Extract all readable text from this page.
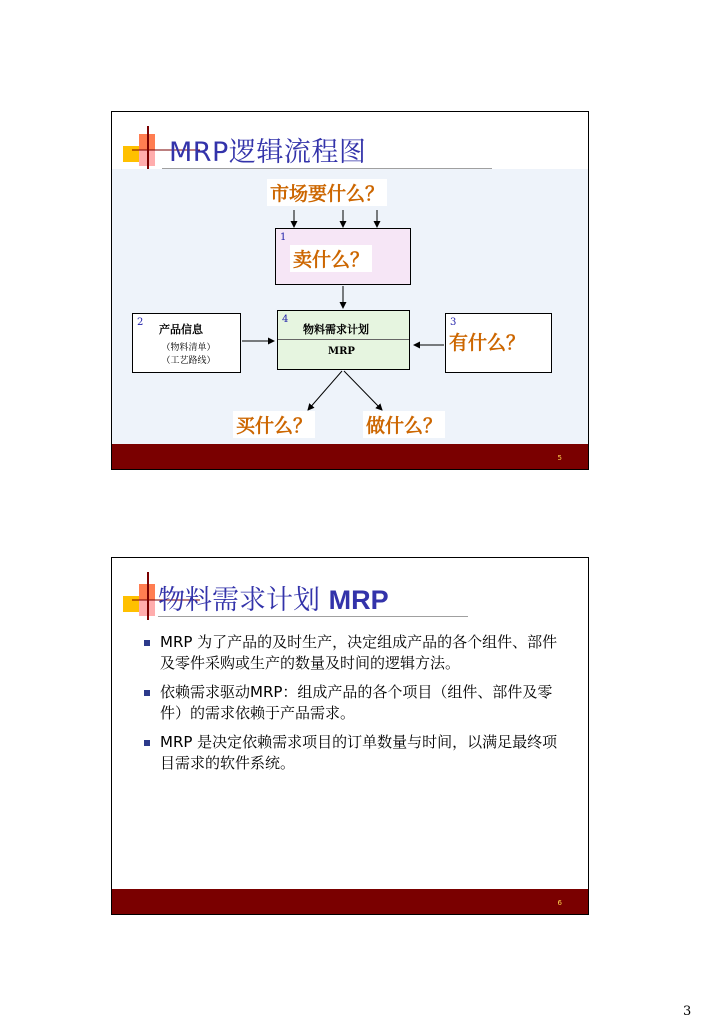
MRP逻辑流程图
市场要什么？
1
卖什么？
2
产品信息
（物料清单）
（工艺路线）
4
物料需求计划
MRP
3
有什么？
买什么？	做什么？
5
物料需求计划 MRP
MRP 为了产品的及时生产，决定组成产品的各个组件、部件及零件采购或生产的数量及时间的逻辑方法。
依赖需求驱动MRP：组成产品的各个项目（组件、部件及零件）的需求依赖于产品需求。
MRP 是决定依赖需求项目的订单数量与时间，以满足最终项目需求的软件系统。
6
3
